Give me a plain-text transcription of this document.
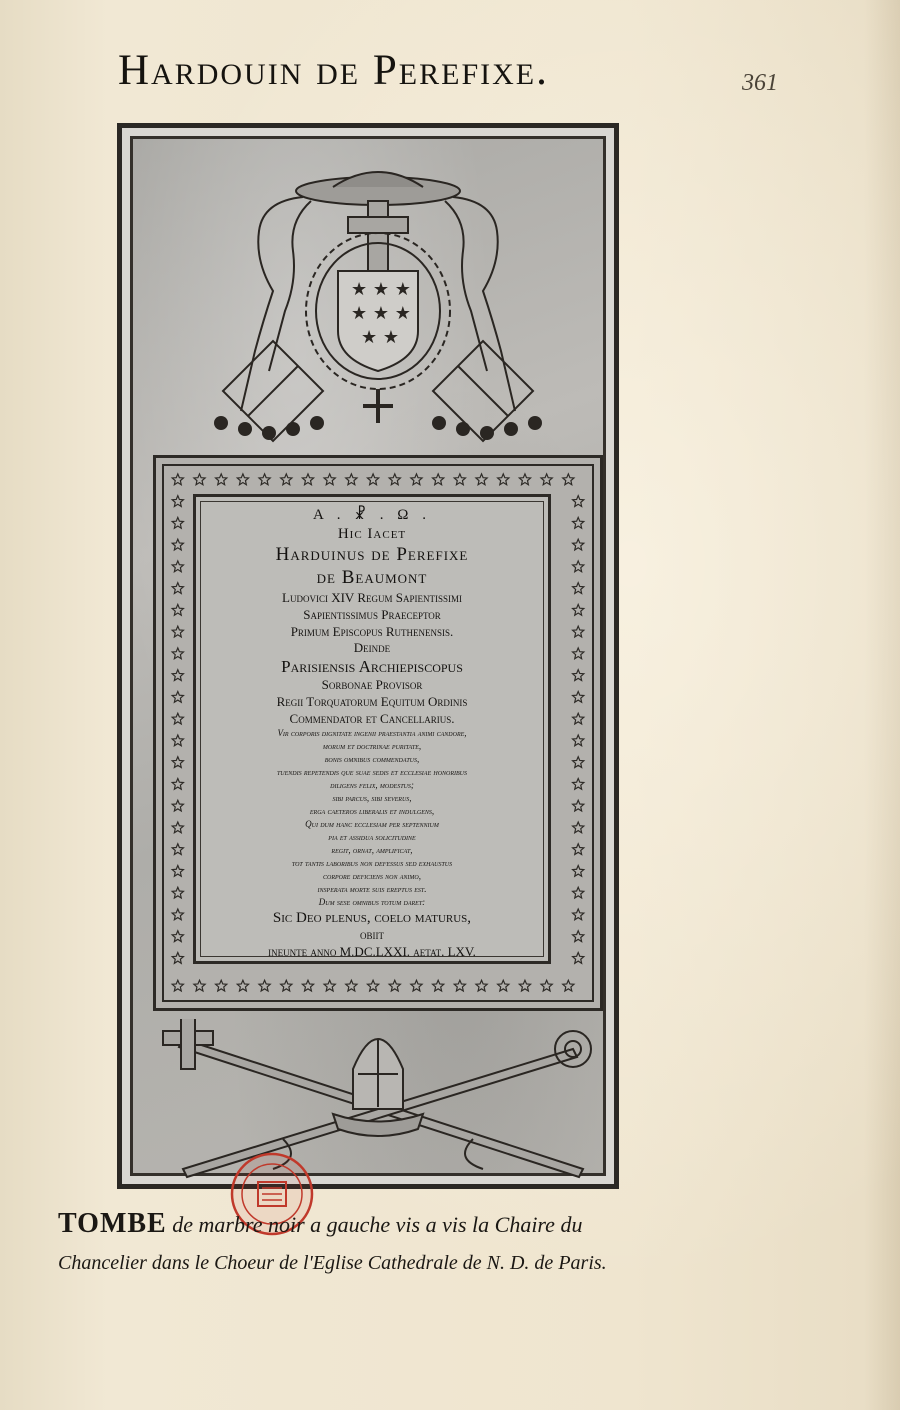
Hardouin de Perefixe.	361
★ ★ ★
★ ★ ★
★ ★
A . ☧ . Ω .
Hic Iacet
Harduinus de Perefixe
de Beaumont
Ludovici XIV Regum Sapientissimi
Sapientissimus Praeceptor
Primum Episcopus Ruthenensis.
Deinde
Parisiensis Archiepiscopus
Sorbonae Provisor
Regii Torquatorum Equitum Ordinis
Commendator et Cancellarius.
Vir corporis dignitate ingenii praestantia animi candore,
morum et doctrinae puritate,
bonis omnibus commendatus,
tuendis repetendis que suae sedis et ecclesiae honoribus
diligens felix, modestus;
sibi parcus, sibi severus,
erga caeteros liberalis et indulgens,
Qui dum hanc ecclesiam per septennium
pia et assidua solicitudine
regit, ornat, amplificat,
tot tantis laboribus non defessus sed exhaustus
corpore deficiens non animo,
insperata morte suis ereptus est.
Dum sese omnibus totum daret:
Sic Deo plenus, coelo maturus,
obiit
ineunte anno M.DC.LXXI. aetat. LXV.
TOMBE de marbre noir a gauche vis a vis la Chaire du
Chancelier dans le Choeur de l'Eglise Cathedrale de N. D. de Paris.
